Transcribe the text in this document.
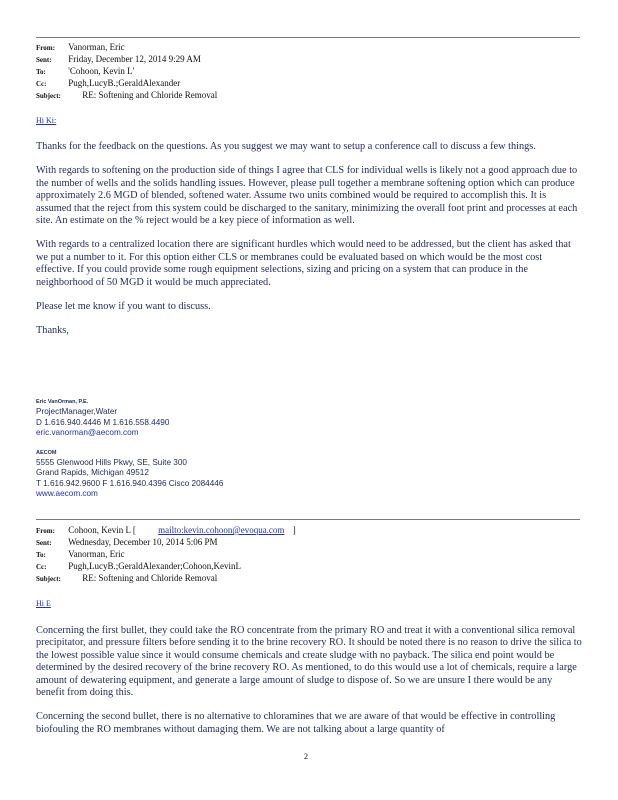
From: Vanorman, Eric
Sent: Friday, December 12, 2014 9:29 AM
To: 'Cohoon, Kevin L'
Cc: Pugh,LucyB.;GeraldAlexander
Subject: RE: Softening and Chloride Removal
Hi Ki:

Thanks for the feedback on the questions. As you suggest we may want to setup a conference call to discuss a few things.

With regards to softening on the production side of things I agree that CLS for individual wells is likely not a good approach due to the number of wells and the solids handling issues. However, please pull together a membrane softening option which can produce approximately 2.6 MGD of blended, softened water. Assume two units combined would be required to accomplish this. It is assumed that the reject from this system could be discharged to the sanitary, minimizing the overall foot print and processes at each site. An estimate on the % reject would be a key piece of information as well.

With regards to a centralized location there are significant hurdles which would need to be addressed, but the client has asked that we put a number to it. For this option either CLS or membranes could be evaluated based on which would be the most cost effective. If you could provide some rough equipment selections, sizing and pricing on a system that can produce in the neighborhood of 50 MGD it would be much appreciated.

Please let me know if you want to discuss.

Thanks,

Eric VanOrman, P.E.
ProjectManager,Water
D 1.616.940.4446 M 1.616.558.4490
eric.vanorman@aecom.com
AECOM
5555 Glenwood Hills Pkwy, SE, Suite 300
Grand Rapids, Michigan 49512
T 1.616.942.9600 F 1.616.940.4396 Cisco 2084446
www.aecom.com
From: Cohoon, Kevin L [ mailto:kevin.cohoon@evoqua.com ]
Sent: Wednesday, December 10, 2014 5:06 PM
To: Vanorman, Eric
Cc: Pugh,LucyB.;GeraldAlexander;Cohoon,KevinL
Subject: RE: Softening and Chloride Removal
Hi E

Concerning the first bullet, they could take the RO concentrate from the primary RO and treat it with a conventional silica removal precipitator, and pressure filters before sending it to the brine recovery RO. It should be noted there is no reason to drive the silica to the lowest possible value since it would consume chemicals and create sludge with no payback. The silica end point would be determined by the desired recovery of the brine recovery RO. As mentioned, to do this would use a lot of chemicals, require a large amount of dewatering equipment, and generate a large amount of sludge to dispose of. So we are unsure I there would be any benefit from doing this.

Concerning the second bullet, there is no alternative to chloramines that we are aware of that would be effective in controlling biofouling the RO membranes without damaging them. We are not talking about a large quantity of

2
